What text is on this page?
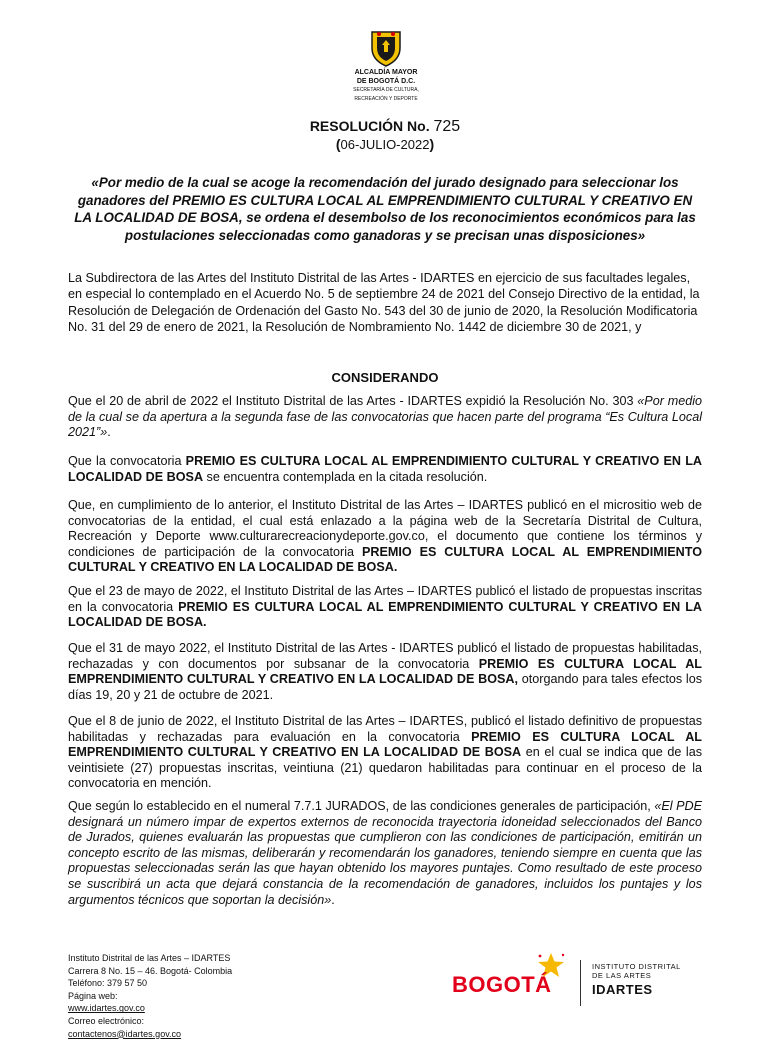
ALCALDÍA MAYOR
DE BOGOTÁ D.C.
SECRETARÍA DE CULTURA,
RECREACIÓN Y DEPORTE
RESOLUCIÓN No. 725
(06-JULIO-2022)
«Por medio de la cual se acoge la recomendación del jurado designado para seleccionar los ganadores del PREMIO ES CULTURA LOCAL AL EMPRENDIMIENTO CULTURAL Y CREATIVO EN LA LOCALIDAD DE BOSA, se ordena el desembolso de los reconocimientos económicos para las postulaciones seleccionadas como ganadoras y se precisan unas disposiciones»
La Subdirectora de las Artes del Instituto Distrital de las Artes - IDARTES en ejercicio de sus facultades legales, en especial lo contemplado en el Acuerdo No. 5 de septiembre 24 de 2021 del Consejo Directivo de la entidad, la Resolución de Delegación de Ordenación del Gasto No. 543 del 30 de junio de 2020, la Resolución Modificatoria No. 31 del 29 de enero de 2021, la Resolución de Nombramiento No. 1442 de diciembre 30 de 2021, y
CONSIDERANDO
Que el 20 de abril de 2022 el Instituto Distrital de las Artes - IDARTES expidió la Resolución No. 303 «Por medio de la cual se da apertura a la segunda fase de las convocatorias que hacen parte del programa “Es Cultura Local 2021”».
Que la convocatoria PREMIO ES CULTURA LOCAL AL EMPRENDIMIENTO CULTURAL Y CREATIVO EN LA LOCALIDAD DE BOSA se encuentra contemplada en la citada resolución.
Que, en cumplimiento de lo anterior, el Instituto Distrital de las Artes – IDARTES publicó en el micrositio web de convocatorias de la entidad, el cual está enlazado a la página web de la Secretaría Distrital de Cultura, Recreación y Deporte www.culturarecreacionydeporte.gov.co, el documento que contiene los términos y condiciones de participación de la convocatoria PREMIO ES CULTURA LOCAL AL EMPRENDIMIENTO CULTURAL Y CREATIVO EN LA LOCALIDAD DE BOSA.
Que el 23 de mayo de 2022, el Instituto Distrital de las Artes – IDARTES publicó el listado de propuestas inscritas en la convocatoria PREMIO ES CULTURA LOCAL AL EMPRENDIMIENTO CULTURAL Y CREATIVO EN LA LOCALIDAD DE BOSA.
Que el 31 de mayo 2022, el Instituto Distrital de las Artes - IDARTES publicó el listado de propuestas habilitadas, rechazadas y con documentos por subsanar de la convocatoria PREMIO ES CULTURA LOCAL AL EMPRENDIMIENTO CULTURAL Y CREATIVO EN LA LOCALIDAD DE BOSA, otorgando para tales efectos los días 19, 20 y 21 de octubre de 2021.
Que el 8 de junio de 2022, el Instituto Distrital de las Artes – IDARTES, publicó el listado definitivo de propuestas habilitadas y rechazadas para evaluación en la convocatoria PREMIO ES CULTURA LOCAL AL EMPRENDIMIENTO CULTURAL Y CREATIVO EN LA LOCALIDAD DE BOSA en el cual se indica que de las veintisiete (27) propuestas inscritas, veintiuna (21) quedaron habilitadas para continuar en el proceso de la convocatoria en mención.
Que según lo establecido en el numeral 7.7.1 JURADOS, de las condiciones generales de participación, «El PDE designará un número impar de expertos externos de reconocida trayectoria idoneidad seleccionados del Banco de Jurados, quienes evaluarán las propuestas que cumplieron con las condiciones de participación, emitirán un concepto escrito de las mismas, deliberarán y recomendarán los ganadores, teniendo siempre en cuenta que las propuestas seleccionadas serán las que hayan obtenido los mayores puntajes. Como resultado de este proceso se suscribirá un acta que dejará constancia de la recomendación de ganadores, incluidos los puntajes y los argumentos técnicos que soportan la decisión».
Instituto Distrital de las Artes – IDARTES
Carrera 8 No. 15 – 46. Bogotá- Colombia
Teléfono: 379 57 50
Página web:
www.idartes.gov.co
Correo electrónico:
contactenos@idartes.gov.co
BOGOTÁ
INSTITUTO DISTRITAL
DE LAS ARTES
IDARTES
